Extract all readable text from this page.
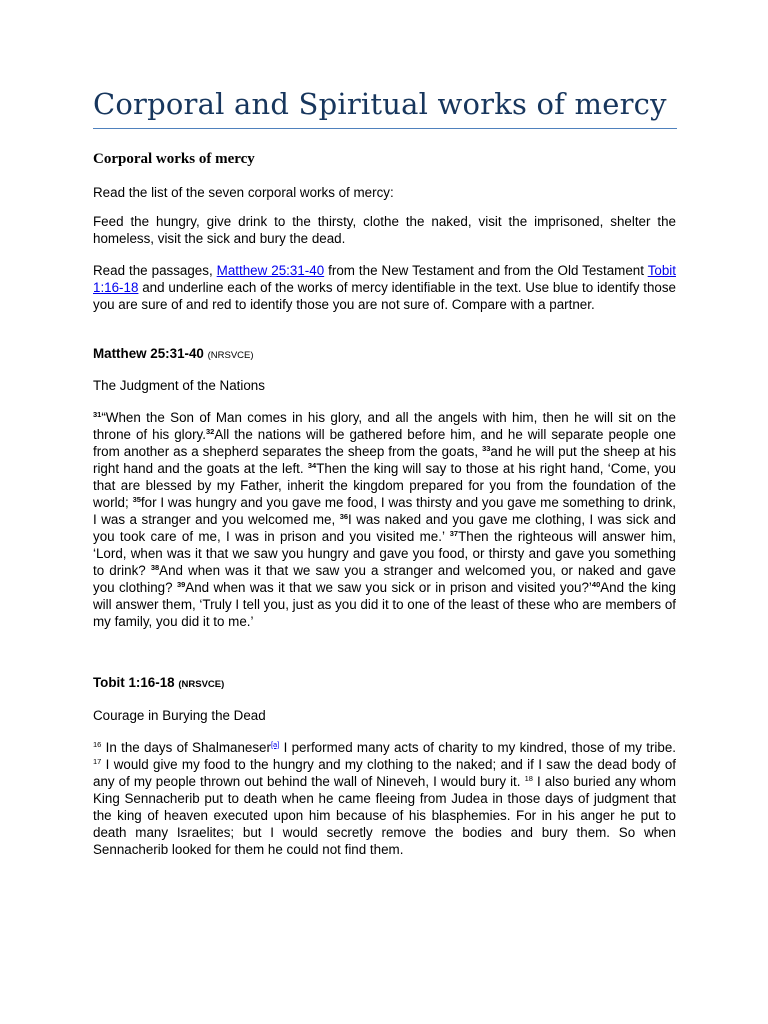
Corporal and Spiritual works of mercy
Corporal works of mercy

Read the list of the seven corporal works of mercy:

Feed the hungry, give drink to the thirsty, clothe the naked, visit the imprisoned, shelter the homeless, visit the sick and bury the dead.

Read the passages, Matthew 25:31-40 from the New Testament and from the Old Testament Tobit 1:16-18 and underline each of the works of mercy identifiable in the text. Use blue to identify those you are sure of and red to identify those you are not sure of. Compare with a partner.

Matthew 25:31-40 (NRSVCE)

The Judgment of the Nations

$^{31}$“When the Son of Man comes in his glory, and all the angels with him, then he will sit on the throne of his glory.$^{32}$All the nations will be gathered before him, and he will separate people one from another as a shepherd separates the sheep from the goats, $^{33}$and he will put the sheep at his right hand and the goats at the left. $^{34}$Then the king will say to those at his right hand, ‘Come, you that are blessed by my Father, inherit the kingdom prepared for you from the foundation of the world; $^{35}$for I was hungry and you gave me food, I was thirsty and you gave me something to drink, I was a stranger and you welcomed me, $^{36}$I was naked and you gave me clothing, I was sick and you took care of me, I was in prison and you visited me.’ $^{37}$Then the righteous will answer him, ‘Lord, when was it that we saw you hungry and gave you food, or thirsty and gave you something to drink? $^{38}$And when was it that we saw you a stranger and welcomed you, or naked and gave you clothing? $^{39}$And when was it that we saw you sick or in prison and visited you?’$^{40}$And the king will answer them, ‘Truly I tell you, just as you did it to one of the least of these who are members of my family, you did it to me.’

Tobit 1:16-18 (NRSVCE)

Courage in Burying the Dead

$^{16}$ In the days of Shalmaneser[a] I performed many acts of charity to my kindred, those of my tribe. $^{17}$ I would give my food to the hungry and my clothing to the naked; and if I saw the dead body of any of my people thrown out behind the wall of Nineveh, I would bury it. $^{18}$ I also buried any whom King Sennacherib put to death when he came fleeing from Judea in those days of judgment that the king of heaven executed upon him because of his blasphemies. For in his anger he put to death many Israelites; but I would secretly remove the bodies and bury them. So when Sennacherib looked for them he could not find them.
